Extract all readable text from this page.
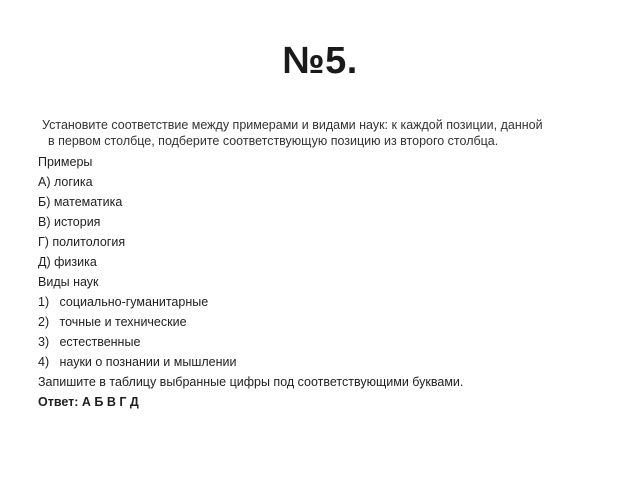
№5.
Установите соответствие между примерами и видами наук: к каждой позиции, данной
в первом столбце, подберите соответствующую позицию из второго столбца.
Примеры
А) логика
Б) математика
В) история
Г) политология
Д) физика
Виды наук
1) социально-гуманитарные
2) точные и технические
3) естественные
4) науки о познании и мышлении
Запишите в таблицу выбранные цифры под соответствующими буквами.
Ответ: А Б В Г Д
